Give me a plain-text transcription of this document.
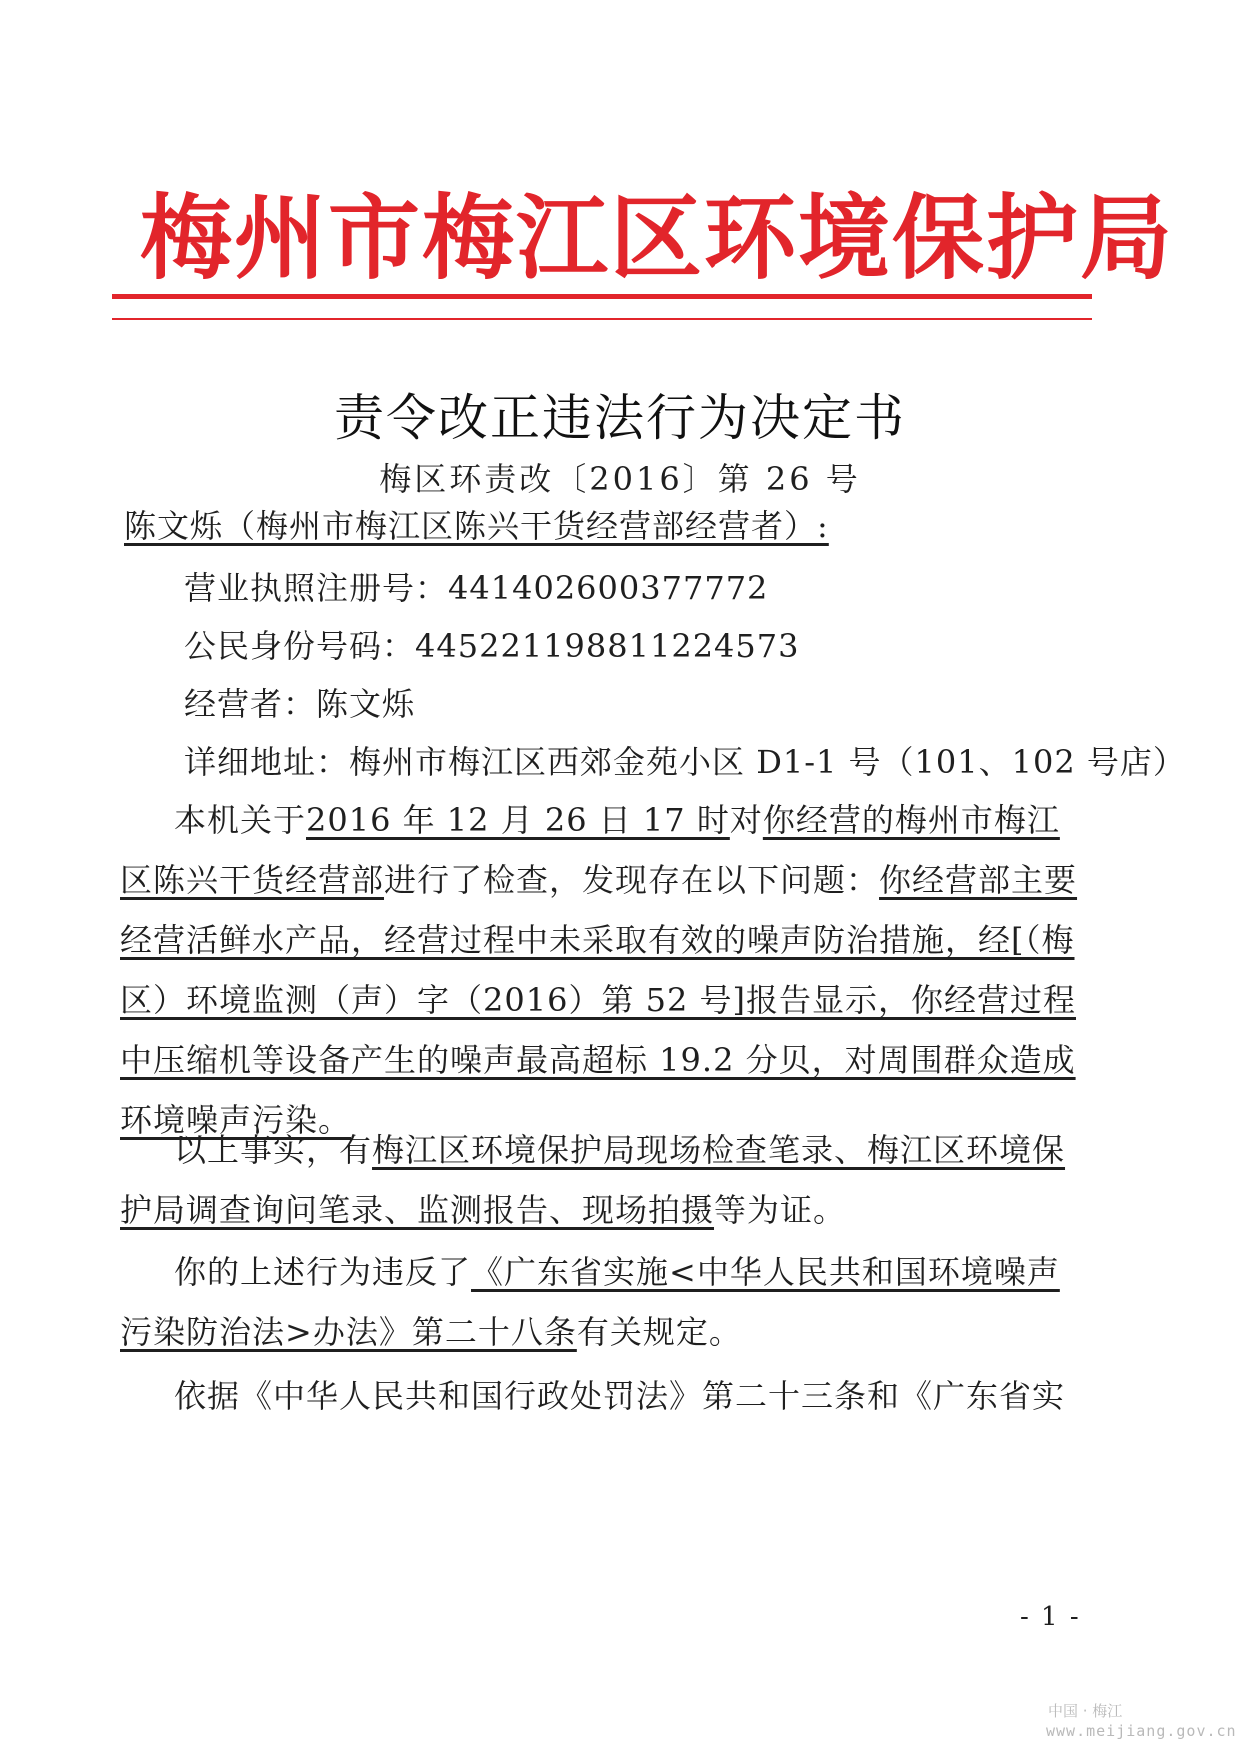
梅州市梅江区环境保护局
责令改正违法行为决定书
梅区环责改〔2016〕第 26 号
陈文烁（梅州市梅江区陈兴干货经营部经营者）:
营业执照注册号：441402600377772
公民身份号码：445221198811224573
经营者：陈文烁
详细地址：梅州市梅江区西郊金苑小区 D1-1 号（101、102 号店）
本机关于2016 年 12 月 26 日 17 时对你经营的梅州市梅江区陈兴干货经营部进行了检查，发现存在以下问题：你经营部主要经营活鲜水产品，经营过程中未采取有效的噪声防治措施，经[（梅区）环境监测（声）字（2016）第 52 号]报告显示，你经营过程中压缩机等设备产生的噪声最高超标 19.2 分贝，对周围群众造成环境噪声污染。
以上事实，有梅江区环境保护局现场检查笔录、梅江区环境保护局调查询问笔录、监测报告、现场拍摄等为证。
你的上述行为违反了《广东省实施<中华人民共和国环境噪声污染防治法>办法》第二十八条有关规定。
依据《中华人民共和国行政处罚法》第二十三条和《广东省实
- 1 -
中国 · 梅江
www.meijiang.gov.cn
